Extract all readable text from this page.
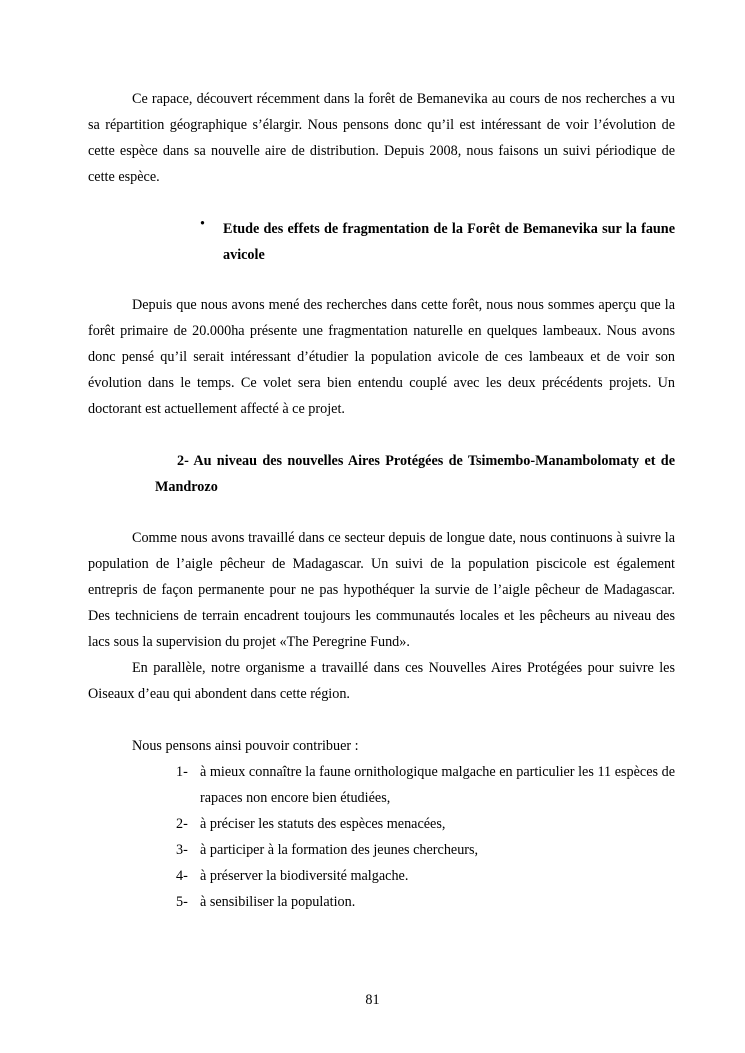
Ce rapace, découvert récemment dans la forêt de Bemanevika au cours de nos recherches a vu sa répartition géographique s’élargir. Nous pensons donc qu’il est intéressant de voir l’évolution de cette espèce dans sa nouvelle aire de distribution. Depuis 2008, nous faisons un suivi périodique de cette espèce.

• Etude des effets de fragmentation de la Forêt de Bemanevika sur la faune avicole

Depuis que nous avons mené des recherches dans cette forêt, nous nous sommes aperçu que la forêt primaire de 20.000ha présente une fragmentation naturelle en quelques lambeaux. Nous avons donc pensé qu’il serait intéressant d’étudier la population avicole de ces lambeaux et de voir son évolution dans le temps. Ce volet sera bien entendu couplé avec les deux précédents projets. Un doctorant est actuellement affecté à ce projet.

2- Au niveau des nouvelles Aires Protégées de Tsimembo-Manambolomaty et de Mandrozo

Comme nous avons travaillé dans ce secteur depuis de longue date, nous continuons à suivre la population de l’aigle pêcheur de Madagascar. Un suivi de la population piscicole est également entrepris de façon permanente pour ne pas hypothéquer la survie de l’aigle pêcheur de Madagascar. Des techniciens de terrain encadrent toujours les communautés locales et les pêcheurs au niveau des lacs sous la supervision du projet «The Peregrine Fund».

En parallèle, notre organisme a travaillé dans ces Nouvelles Aires Protégées pour suivre les Oiseaux d’eau qui abondent dans cette région.

Nous pensons ainsi pouvoir contribuer :

1- à mieux connaître la faune ornithologique malgache en particulier les 11 espèces de rapaces non encore bien étudiées,
2- à préciser les statuts des espèces menacées,
3- à participer à la formation des jeunes chercheurs,
4- à préserver la biodiversité malgache.
5- à sensibiliser la population.
81
